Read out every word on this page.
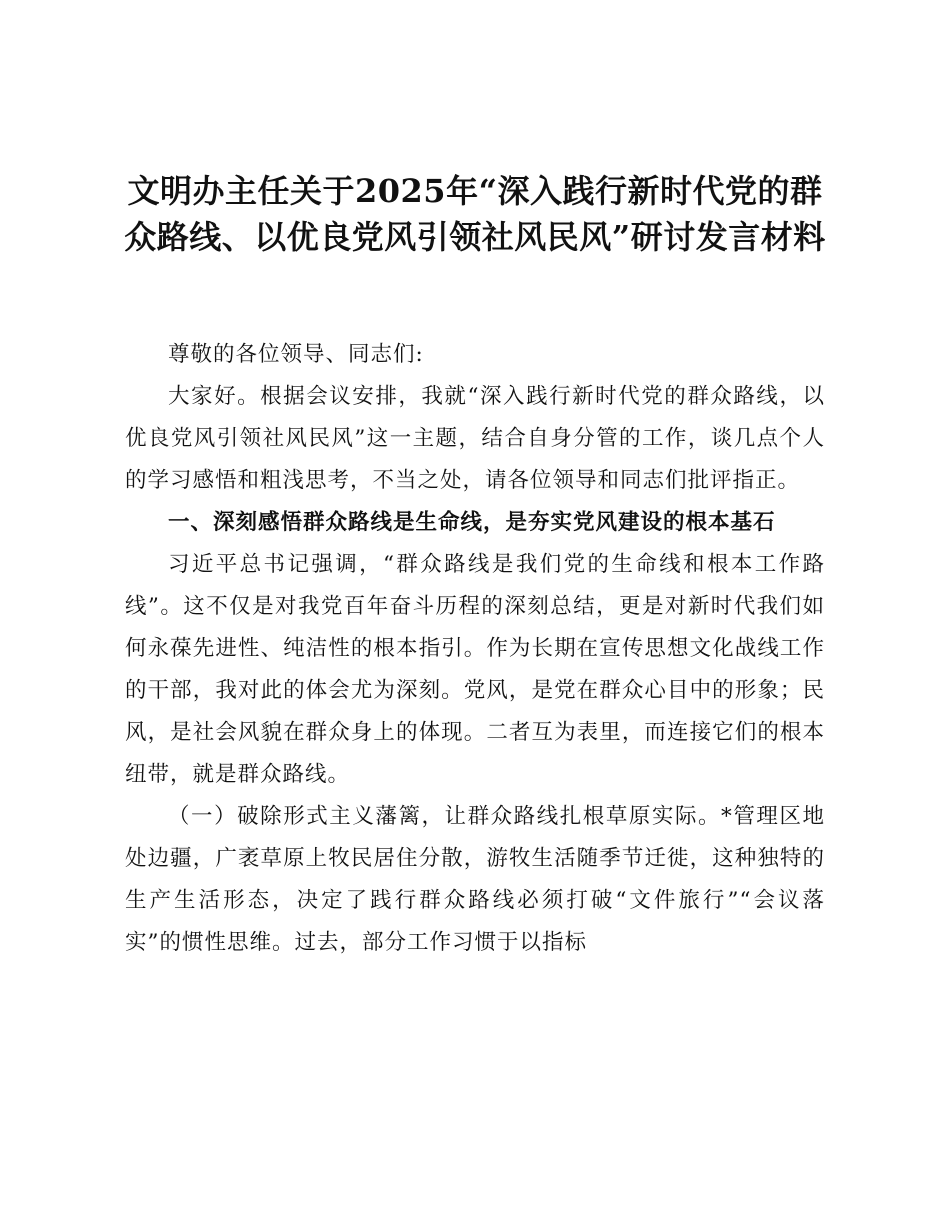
文明办主任关于2025年“深入践行新时代党的群众路线、以优良党风引领社风民风”研讨发言材料

尊敬的各位领导、同志们:

大家好。根据会议安排，我就“深入践行新时代党的群众路线，以优良党风引领社风民风”这一主题，结合自身分管的工作，谈几点个人的学习感悟和粗浅思考，不当之处，请各位领导和同志们批评指正。

一、深刻感悟群众路线是生命线，是夯实党风建设的根本基石

习近平总书记强调，“群众路线是我们党的生命线和根本工作路线”。这不仅是对我党百年奋斗历程的深刻总结，更是对新时代我们如何永葆先进性、纯洁性的根本指引。作为长期在宣传思想文化战线工作的干部，我对此的体会尤为深刻。党风，是党在群众心目中的形象；民风，是社会风貌在群众身上的体现。二者互为表里，而连接它们的根本纽带，就是群众路线。

（一）破除形式主义藩篱，让群众路线扎根草原实际。*管理区地处边疆，广袤草原上牧民居住分散，游牧生活随季节迁徙，这种独特的生产生活形态，决定了践行群众路线必须打破“文件旅行”“会议落实”的惯性思维。过去，部分工作习惯于以指标
